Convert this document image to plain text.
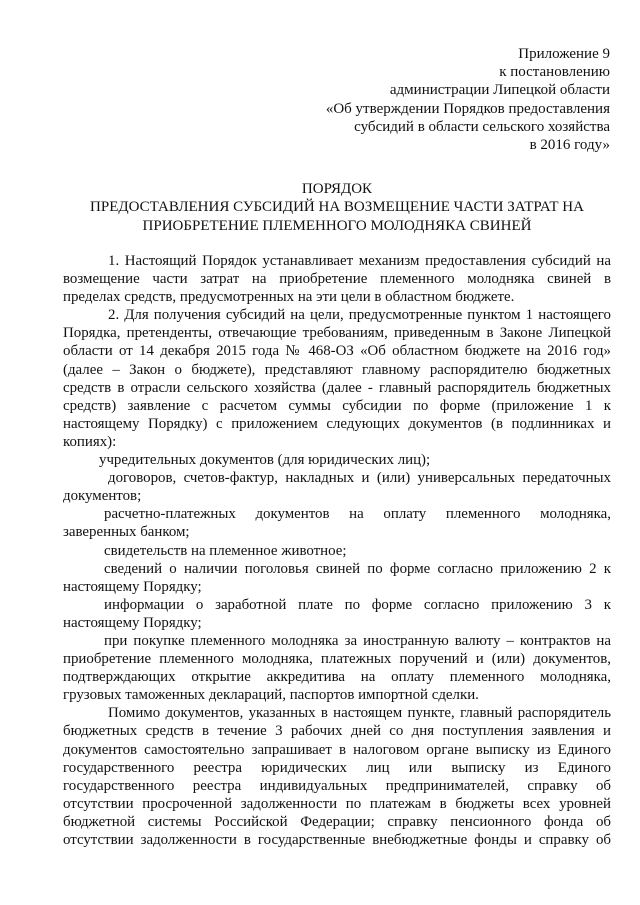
Приложение 9
к постановлению
администрации Липецкой области
«Об утверждении Порядков предоставления
субсидий в области сельского хозяйства
в 2016 году»
ПОРЯДОК
ПРЕДОСТАВЛЕНИЯ СУБСИДИЙ НА ВОЗМЕЩЕНИЕ ЧАСТИ ЗАТРАТ НА
ПРИОБРЕТЕНИЕ ПЛЕМЕННОГО МОЛОДНЯКА СВИНЕЙ
1. Настоящий Порядок устанавливает механизм предоставления субсидий на
возмещение части затрат на приобретение племенного молодняка свиней в
пределах средств, предусмотренных на эти цели в областном бюджете.
2. Для получения субсидий на цели, предусмотренные пунктом 1 настоящего
Порядка, претенденты, отвечающие требованиям, приведенным в Законе Липецкой
области от 14 декабря 2015 года № 468-ОЗ «Об областном бюджете на 2016 год»
(далее – Закон о бюджете), представляют главному распорядителю бюджетных
средств в отрасли сельского хозяйства (далее - главный распорядитель бюджетных
средств) заявление с расчетом суммы субсидии по форме (приложение 1 к
настоящему Порядку) с приложением следующих документов (в подлинниках и
копиях):
учредительных документов (для юридических лиц);
договоров, счетов-фактур, накладных и (или) универсальных передаточных
документов;
расчетно-платежных документов на оплату племенного молодняка,
заверенных банком;
свидетельств на племенное животное;
сведений о наличии поголовья свиней по форме согласно приложению 2 к
настоящему Порядку;
информации о заработной плате по форме согласно приложению 3 к
настоящему Порядку;
при покупке племенного молодняка за иностранную валюту – контрактов на
приобретение племенного молодняка, платежных поручений и (или) документов,
подтверждающих открытие аккредитива на оплату племенного молодняка,
грузовых таможенных деклараций, паспортов импортной сделки.
Помимо документов, указанных в настоящем пункте, главный распорядитель
бюджетных средств в течение 3 рабочих дней со дня поступления заявления и
документов самостоятельно запрашивает в налоговом органе выписку из Единого
государственного реестра юридических лиц или выписку из Единого
государственного реестра индивидуальных предпринимателей, справку об
отсутствии просроченной задолженности по платежам в бюджеты всех уровней
бюджетной системы Российской Федерации; справку пенсионного фонда об
отсутствии задолженности в государственные внебюджетные фонды и справку об
